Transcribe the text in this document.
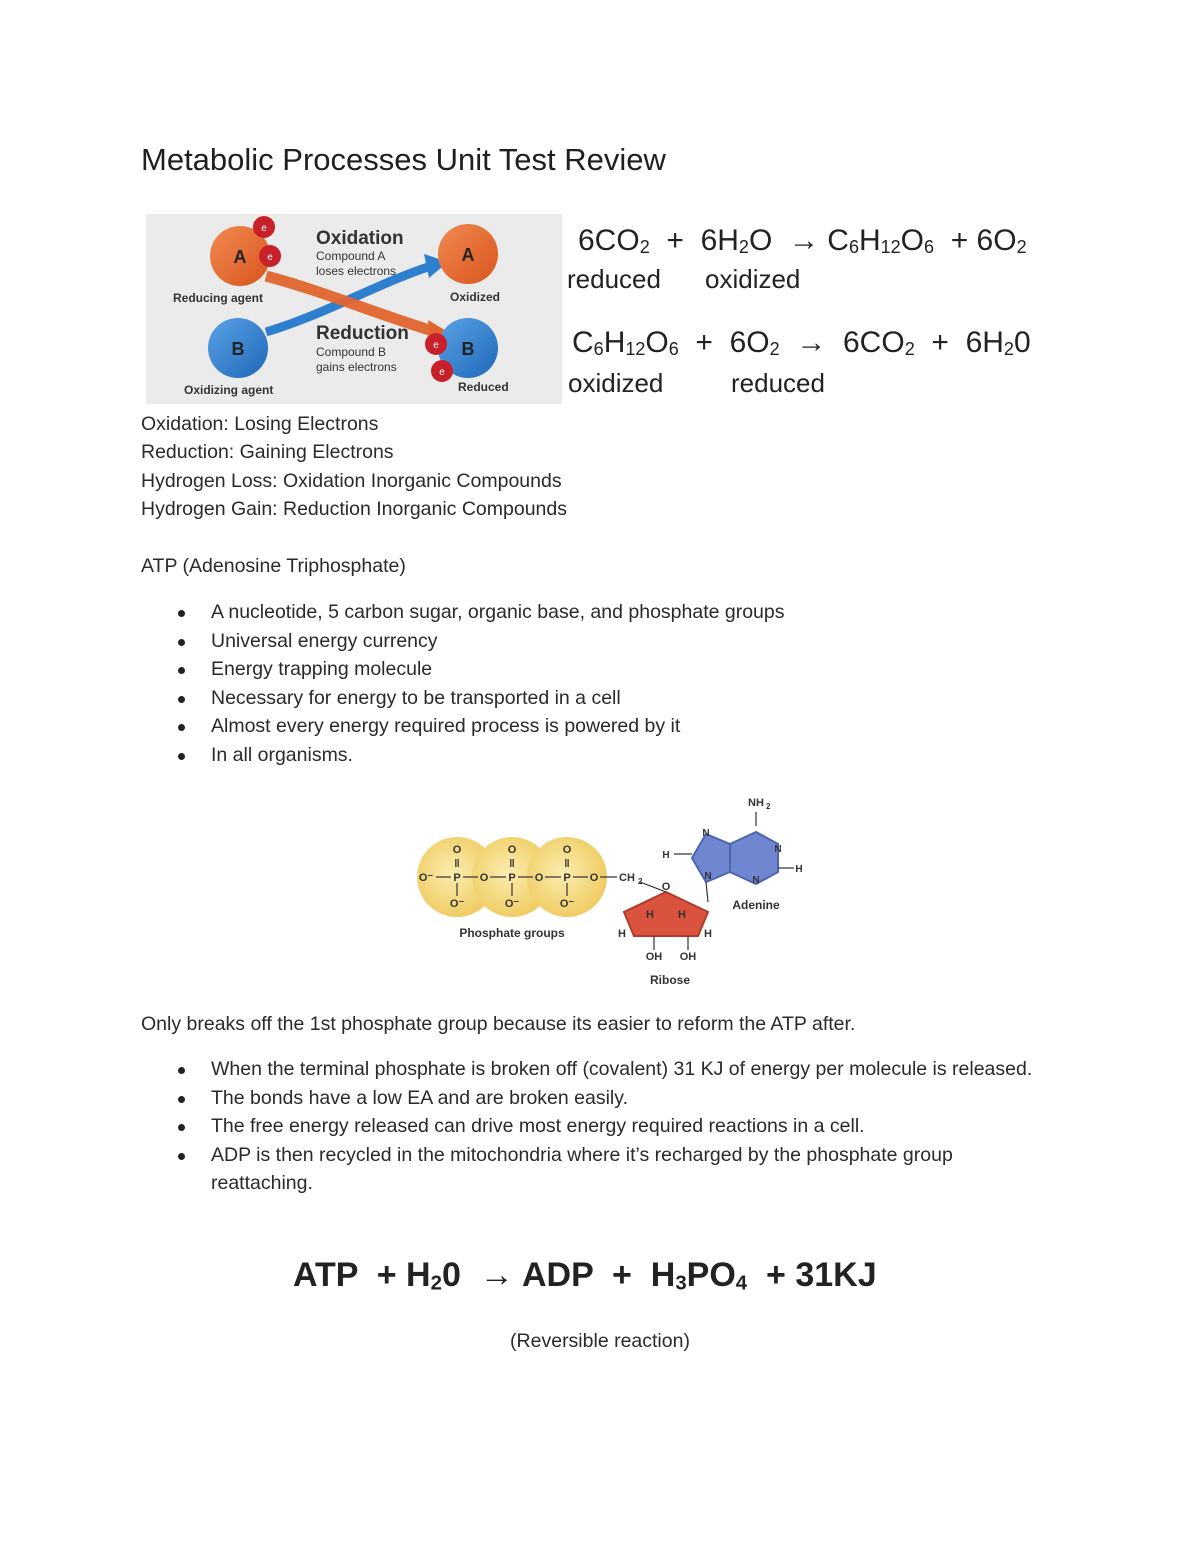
Metabolic Processes Unit Test Review
A
e
e
Reducing agent
B
Oxidizing agent
A
Oxidized
B
e
e
Reduced
Oxidation
Compound A
loses electrons
Reduction
Compound B
gains electrons
$6CO_2 + 6H_2O \to C_6H_{12}O_6 + 6O_2$
reduced oxidized
$C_6H_{12}O_6 + 6O_2 \to 6CO_2 + 6H_20$
oxidized	reduced
Oxidation: Losing Electrons
Reduction: Gaining Electrons
Hydrogen Loss: Oxidation Inorganic Compounds
Hydrogen Gain: Reduction Inorganic Compounds
ATP (Adenosine Triphosphate)
A nucleotide, 5 carbon sugar, organic base, and phosphate groups
Universal energy currency
Energy trapping molecule
Necessary for energy to be transported in a cell
Almost every energy required process is powered by it
In all organisms.
O	O	O
‖	‖	‖
O⁻ P O P O P O
O⁻	O⁻	O⁻
CH 2
Phosphate groups
O
H H
H	H
OH OH
Ribose
H
N
N
N
N
H
NH 2
Adenine
Only breaks off the 1st phosphate group because its easier to reform the ATP after.
When the terminal phosphate is broken off (covalent) 31 KJ of energy per molecule is released.
The bonds have a low EA and are broken easily.
The free energy released can drive most energy required reactions in a cell.
ADP is then recycled in the mitochondria where it’s recharged by the phosphate group reattaching.
ATP  + $H_20$  → ADP  +  $H_3PO_4 + 31KJ$
(Reversible reaction)
